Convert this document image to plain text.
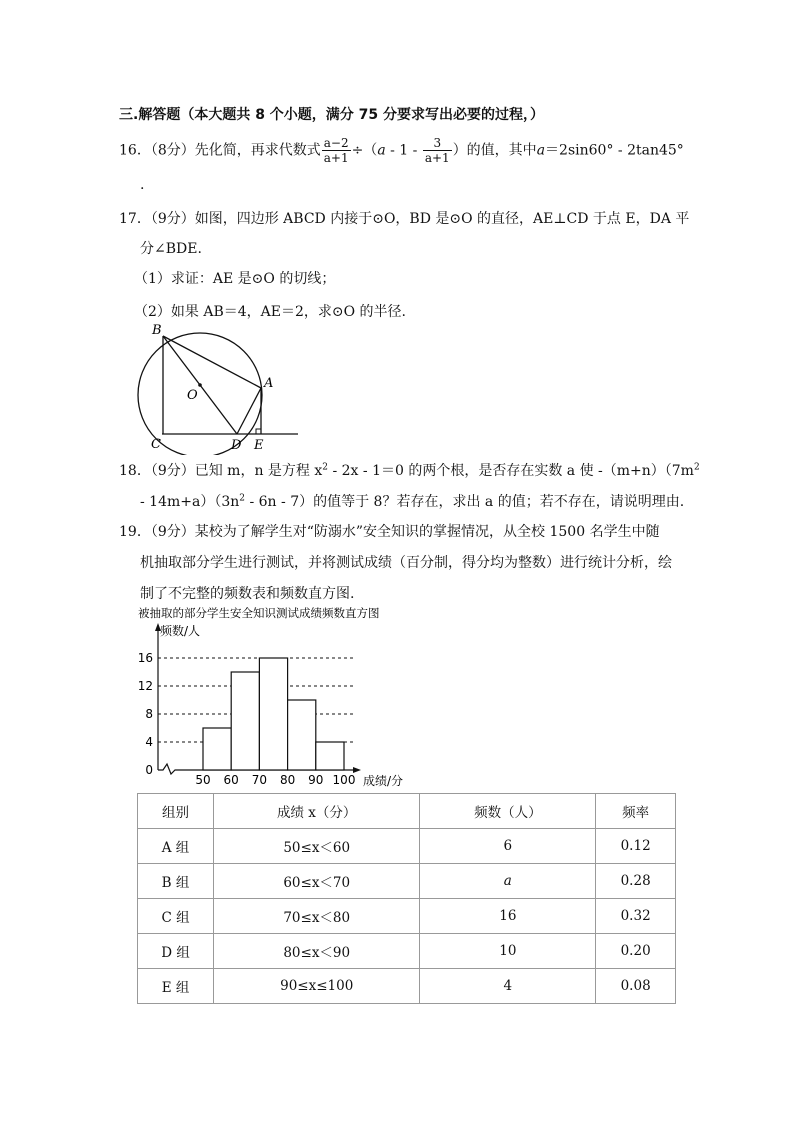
三.解答题（本大题共 8 个小题，满分 75 分要求写出必要的过程，）
16．（8分）先化简，再求代数式 $\frac{a-2}{a+1} \div(a - 1 - \frac{3}{a+1}$ ）的值，其中a＝2sin60° - 2tan45°
.
17．（9分）如图，四边形 ABCD 内接于⊙O，BD 是⊙O 的直径，AE⊥CD 于点 E，DA 平
分∠BDE.
（1）求证：AE 是⊙O 的切线；
（2）如果 AB＝4，AE＝2，求⊙O 的半径.
B
O
A
C	D E
18．（9分）已知 m，n 是方程 $x^2 - 2x - 1=0$ 的两个根，是否存在实数 a 使 $-(m+n)(7m^2$
- $14m+a)(3n^2 - 6n - 7)$的值等于 8？若存在，求出 a 的值；若不存在，请说明理由.
19．（9分）某校为了解学生对“防溺水”安全知识的掌握情况，从全校 1500 名学生中随
机抽取部分学生进行测试，并将测试成绩（百分制，得分均为整数）进行统计分析，绘
制了不完整的频数表和频数直方图.
被抽取的部分学生安全知识测试成绩频数直方图
频数/人
成绩/分
0
4
8
12
16
50 60 70 80 90 100
组别	成绩 x（分）	频数（人）	频率
A 组	50≤x＜60	6	0.12
B 组	60≤x＜70	a	0.28
C 组	70≤x＜80	16	0.32
D 组	80≤x＜90	10	0.20
E 组	90≤x≤100	4	0.08
